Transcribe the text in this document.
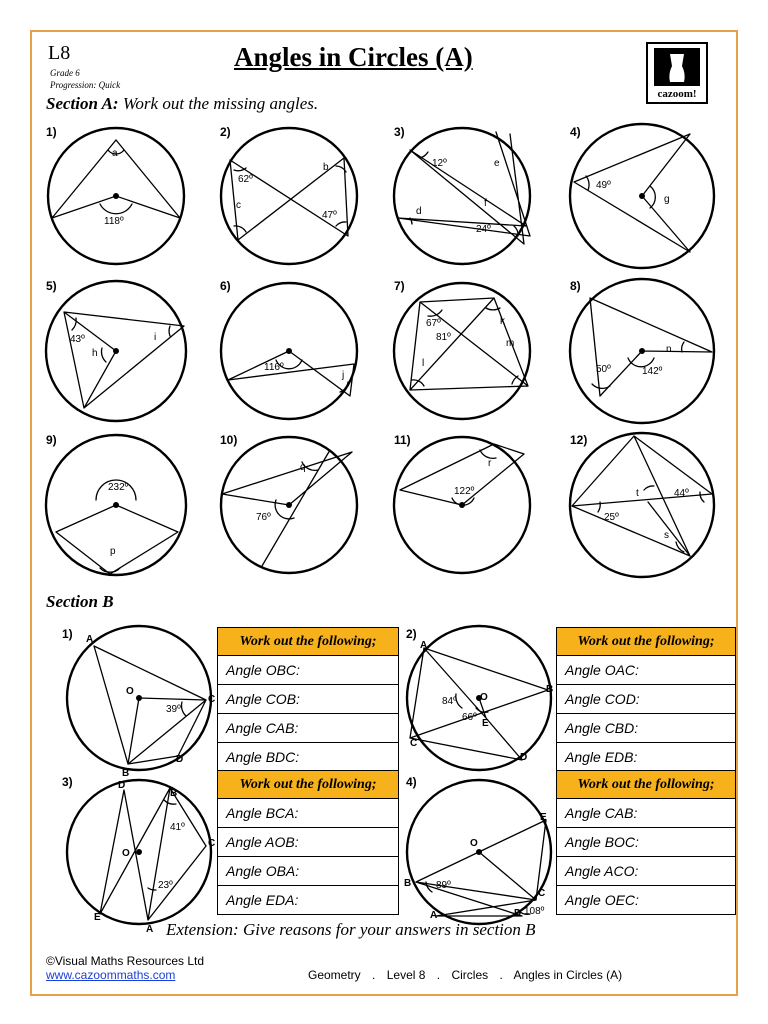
L8
Grade 6
Progression: Quick
Angles in Circles (A)
cazoom!
Section A: Work out the missing angles.
Section B
1)	2)	3)	4)
5)	6)	7)	8)
9)	10)	11)	12)
a
118º
62º
b
c
47º
12º	e
f
d
24º
49º
g
43º	i
h
116º
j
67º
81º
k
m
l
n
50º	142º
232º
p
q
76º
r
122º	t	44º
25º
s
1)	2)
3)	4)
A
O
C
B
D
A
O
B
C
E
D
D
B
C
O
E
A
E
O
B
C
A	D
39º
84º
66º
41º
23º	89º
108º
Work out the following;
Angle OBC:
Angle COB:
Angle CAB:
Angle BDC:
Work out the following;
Angle OAC:
Angle COD:
Angle CBD:
Angle EDB:
Work out the following;
Angle BCA:
Angle AOB:
Angle OBA:
Angle EDA:
Work out the following;
Angle CAB:
Angle BOC:
Angle ACO:
Angle OEC:
Extension: Give reasons for your answers in section B
©Visual Maths Resources Ltd
www.cazoommaths.com	Geometry . Level 8 . Circles . Angles in Circles (A)
